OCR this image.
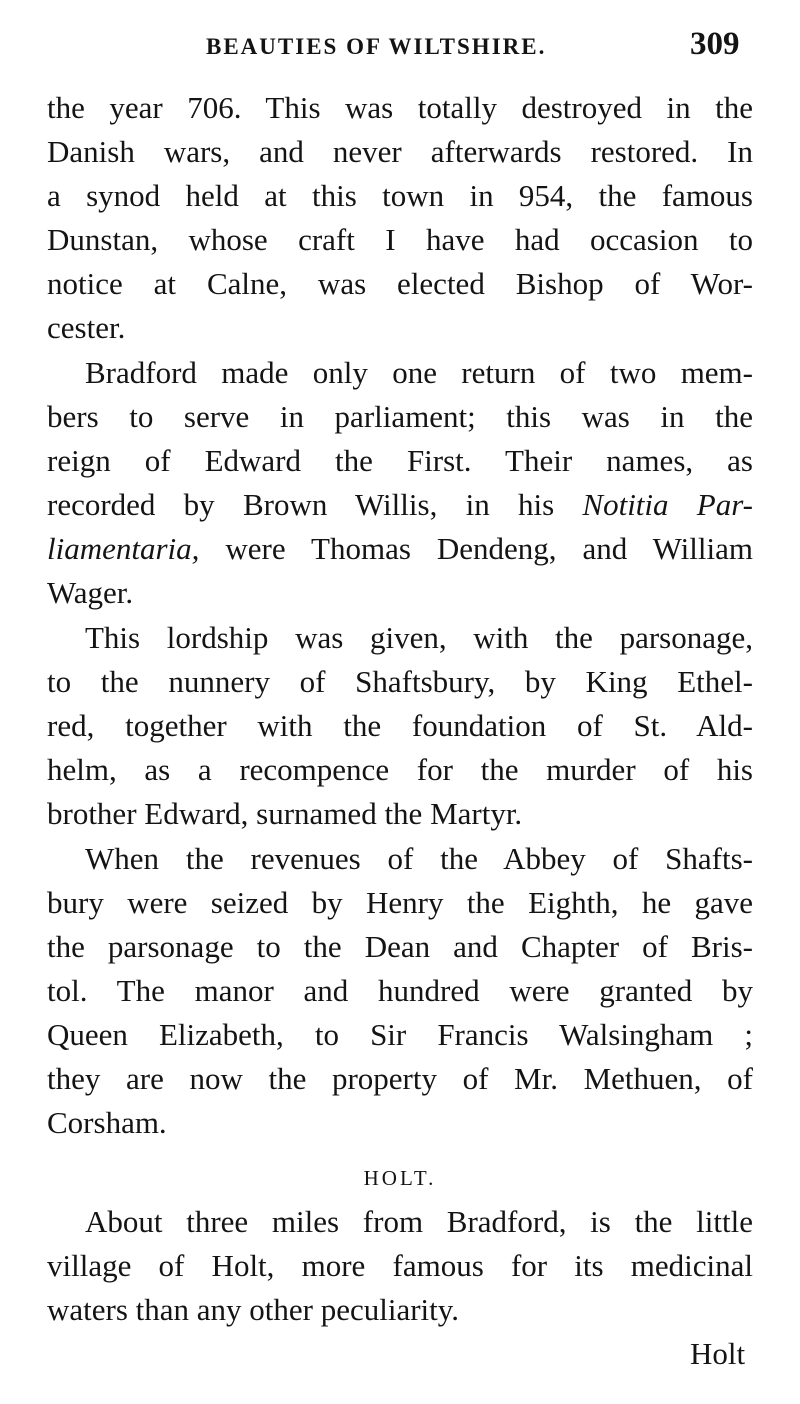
BEAUTIES OF WILTSHIRE.	309
the year 706. This was totally destroyed in the
Danish wars, and never afterwards restored. In
a synod held at this town in 954, the famous
Dunstan, whose craft I have had occasion to
notice at Calne, was elected Bishop of Wor-
cester.
Bradford made only one return of two mem-
bers to serve in parliament; this was in the
reign of Edward the First. Their names, as
recorded by Brown Willis, in his Notitia Par-
liamentaria, were Thomas Dendeng, and William
Wager.
This lordship was given, with the parsonage,
to the nunnery of Shaftsbury, by King Ethel-
red, together with the foundation of St. Ald-
helm, as a recompence for the murder of his
brother Edward, surnamed the Martyr.
When the revenues of the Abbey of Shafts-
bury were seized by Henry the Eighth, he gave
the parsonage to the Dean and Chapter of Bris-
tol. The manor and hundred were granted by
Queen Elizabeth, to Sir Francis Walsingham ;
they are now the property of Mr. Methuen, of
Corsham.
HOLT.
About three miles from Bradford, is the little
village of Holt, more famous for its medicinal
waters than any other peculiarity.
Holt
